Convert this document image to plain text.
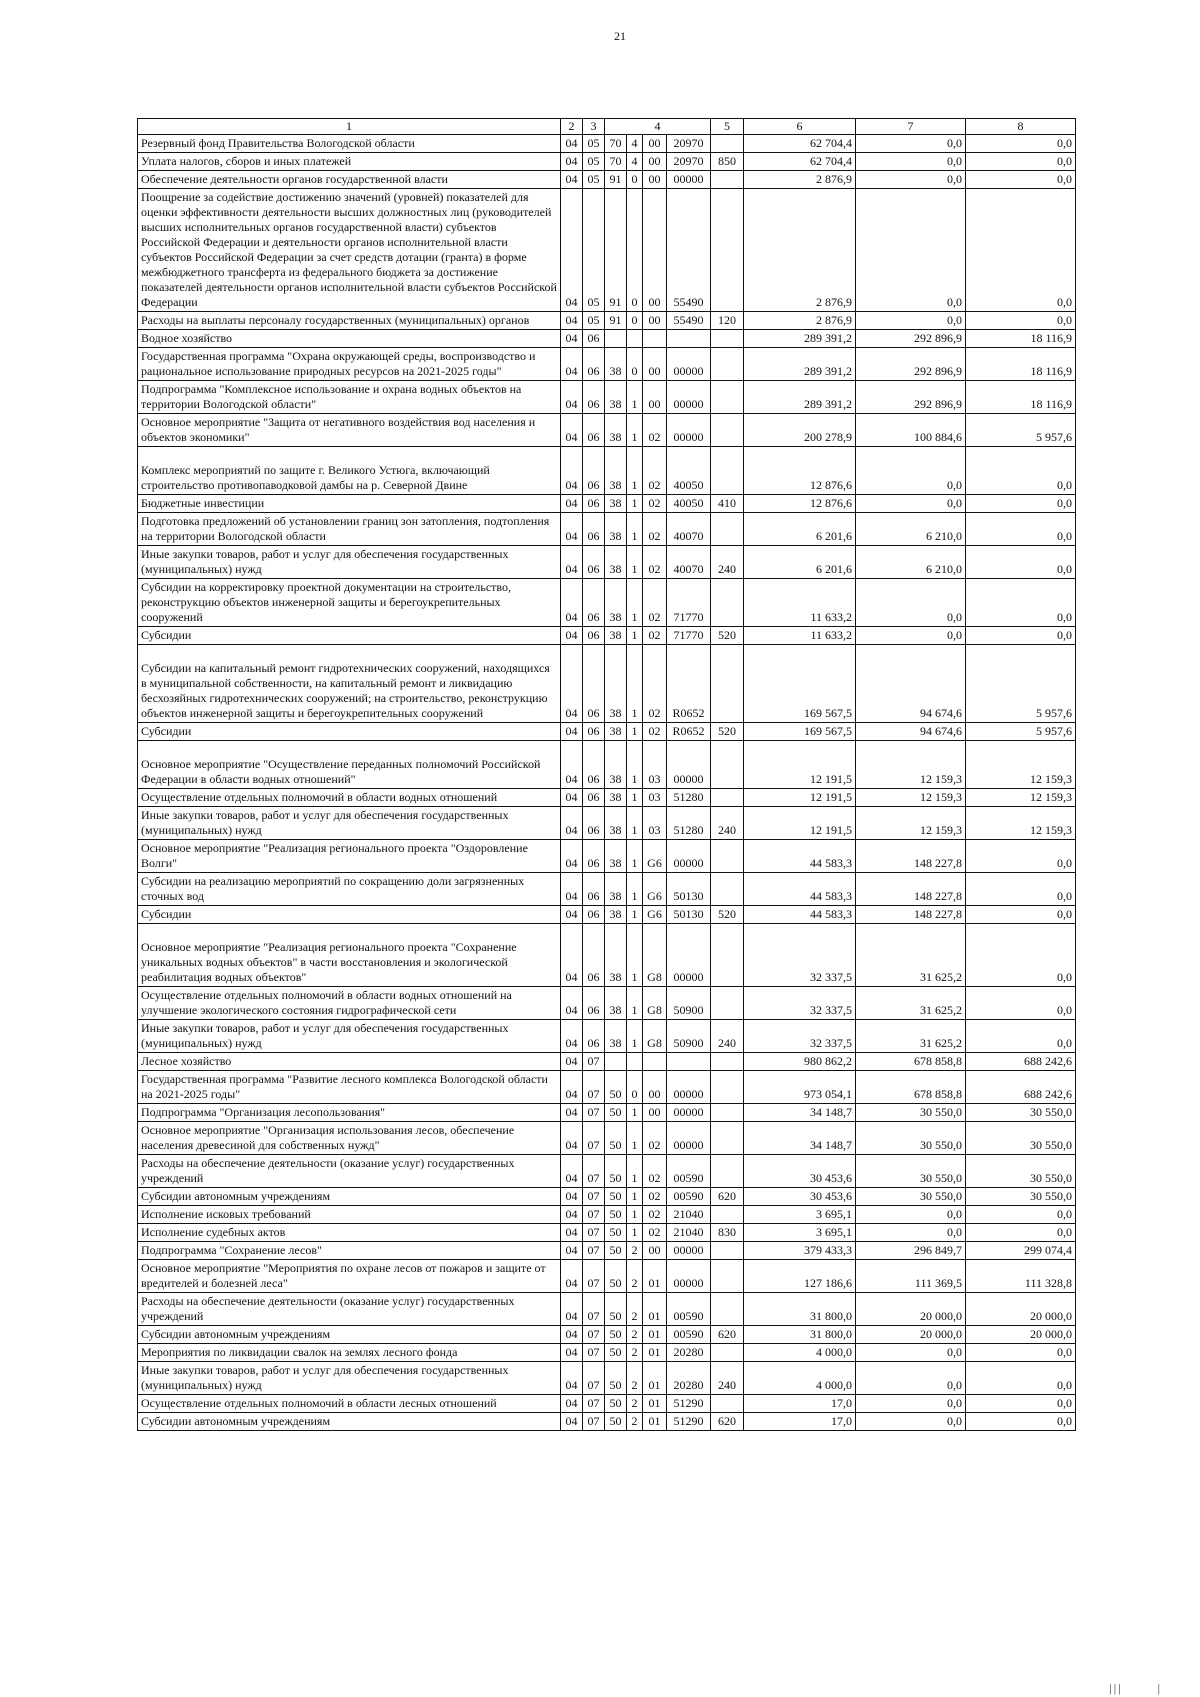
21
1	2	3	4				5	6	7	8
Резервный фонд Правительства Вологодской области	04	05	70	4	00	20970		62 704,4	0,0	0,0
Уплата налогов, сборов и иных платежей	04	05	70	4	00	20970	850	62 704,4	0,0	0,0
Обеспечение деятельности органов государственной власти	04	05	91	0	00	00000		2 876,9	0,0	0,0
Поощрение за содействие достижению значений (уровней) показателей для оценки эффективности деятельности высших должностных лиц (руководителей высших исполнительных органов государственной власти) субъектов Российской Федерации и деятельности органов исполнительной власти субъектов Российской Федерации за счет средств дотации (гранта) в форме межбюджетного трансферта из федерального бюджета за достижение показателей деятельности органов исполнительной власти субъектов Российской Федерации	04	05	91	0	00	55490		2 876,9	0,0	0,0
Расходы на выплаты персоналу государственных (муниципальных) органов	04	05	91	0	00	55490	120	2 876,9	0,0	0,0
Водное хозяйство	04	06						289 391,2	292 896,9	18 116,9
Государственная программа "Охрана окружающей среды, воспроизводство и рациональное использование природных ресурсов на 2021-2025 годы"	04	06	38	0	00	00000		289 391,2	292 896,9	18 116,9
Подпрограмма "Комплексное использование и охрана водных объектов на территории Вологодской области"	04	06	38	1	00	00000		289 391,2	292 896,9	18 116,9
Основное мероприятие "Защита от негативного воздействия вод населения и объектов экономики"	04	06	38	1	02	00000		200 278,9	100 884,6	5 957,6
Комплекс мероприятий по защите г. Великого Устюга, включающий строительство противопаводковой дамбы на р. Северной Двине	04	06	38	1	02	40050		12 876,6	0,0	0,0
Бюджетные инвестиции	04	06	38	1	02	40050	410	12 876,6	0,0	0,0
Подготовка предложений об установлении границ зон затопления, подтопления на территории Вологодской области	04	06	38	1	02	40070		6 201,6	6 210,0	0,0
Иные закупки товаров, работ и услуг для обеспечения государственных (муниципальных) нужд	04	06	38	1	02	40070	240	6 201,6	6 210,0	0,0
Субсидии на корректировку проектной документации на строительство, реконструкцию объектов инженерной защиты и берегоукрепительных сооружений	04	06	38	1	02	71770		11 633,2	0,0	0,0
Субсидии	04	06	38	1	02	71770	520	11 633,2	0,0	0,0
Субсидии на капитальный ремонт гидротехнических сооружений, находящихся в муниципальной собственности, на капитальный ремонт и ликвидацию бесхозяйных гидротехнических сооружений; на строительство, реконструкцию объектов инженерной защиты и берегоукрепительных сооружений	04	06	38	1	02	R0652		169 567,5	94 674,6	5 957,6
Субсидии	04	06	38	1	02	R0652	520	169 567,5	94 674,6	5 957,6
Основное мероприятие "Осуществление переданных полномочий Российской Федерации в области водных отношений"	04	06	38	1	03	00000		12 191,5	12 159,3	12 159,3
Осуществление отдельных полномочий в области водных отношений	04	06	38	1	03	51280		12 191,5	12 159,3	12 159,3
Иные закупки товаров, работ и услуг для обеспечения государственных (муниципальных) нужд	04	06	38	1	03	51280	240	12 191,5	12 159,3	12 159,3
Основное мероприятие "Реализация регионального проекта "Оздоровление Волги"	04	06	38	1	G6	00000		44 583,3	148 227,8	0,0
Субсидии на реализацию мероприятий по сокращению доли загрязненных сточных вод	04	06	38	1	G6	50130		44 583,3	148 227,8	0,0
Субсидии	04	06	38	1	G6	50130	520	44 583,3	148 227,8	0,0
Основное мероприятие "Реализация регионального проекта "Сохранение уникальных водных объектов" в части восстановления и экологической реабилитация водных объектов"	04	06	38	1	G8	00000		32 337,5	31 625,2	0,0
Осуществление отдельных полномочий в области водных отношений на улучшение экологического состояния гидрографической сети	04	06	38	1	G8	50900		32 337,5	31 625,2	0,0
Иные закупки товаров, работ и услуг для обеспечения государственных (муниципальных) нужд	04	06	38	1	G8	50900	240	32 337,5	31 625,2	0,0
Лесное хозяйство	04	07						980 862,2	678 858,8	688 242,6
Государственная программа "Развитие лесного комплекса Вологодской области на 2021-2025 годы"	04	07	50	0	00	00000		973 054,1	678 858,8	688 242,6
Подпрограмма "Организация лесопользования"	04	07	50	1	00	00000		34 148,7	30 550,0	30 550,0
Основное мероприятие "Организация использования лесов, обеспечение населения древесиной для собственных нужд"	04	07	50	1	02	00000		34 148,7	30 550,0	30 550,0
Расходы на обеспечение деятельности (оказание услуг) государственных учреждений	04	07	50	1	02	00590		30 453,6	30 550,0	30 550,0
Субсидии автономным учреждениям	04	07	50	1	02	00590	620	30 453,6	30 550,0	30 550,0
Исполнение исковых требований	04	07	50	1	02	21040		3 695,1	0,0	0,0
Исполнение судебных актов	04	07	50	1	02	21040	830	3 695,1	0,0	0,0
Подпрограмма "Сохранение лесов"	04	07	50	2	00	00000		379 433,3	296 849,7	299 074,4
Основное мероприятие "Мероприятия по охране лесов от пожаров и защите от вредителей и болезней леса"	04	07	50	2	01	00000		127 186,6	111 369,5	111 328,8
Расходы на обеспечение деятельности (оказание услуг) государственных учреждений	04	07	50	2	01	00590		31 800,0	20 000,0	20 000,0
Субсидии автономным учреждениям	04	07	50	2	01	00590	620	31 800,0	20 000,0	20 000,0
Мероприятия по ликвидации свалок на землях лесного фонда	04	07	50	2	01	20280		4 000,0	0,0	0,0
Иные закупки товаров, работ и услуг для обеспечения государственных (муниципальных) нужд	04	07	50	2	01	20280	240	4 000,0	0,0	0,0
Осуществление отдельных полномочий в области лесных отношений	04	07	50	2	01	51290		17,0	0,0	0,0
Субсидии автономным учреждениям	04	07	50	2	01	51290	620	17,0	0,0	0,0
|||       |
